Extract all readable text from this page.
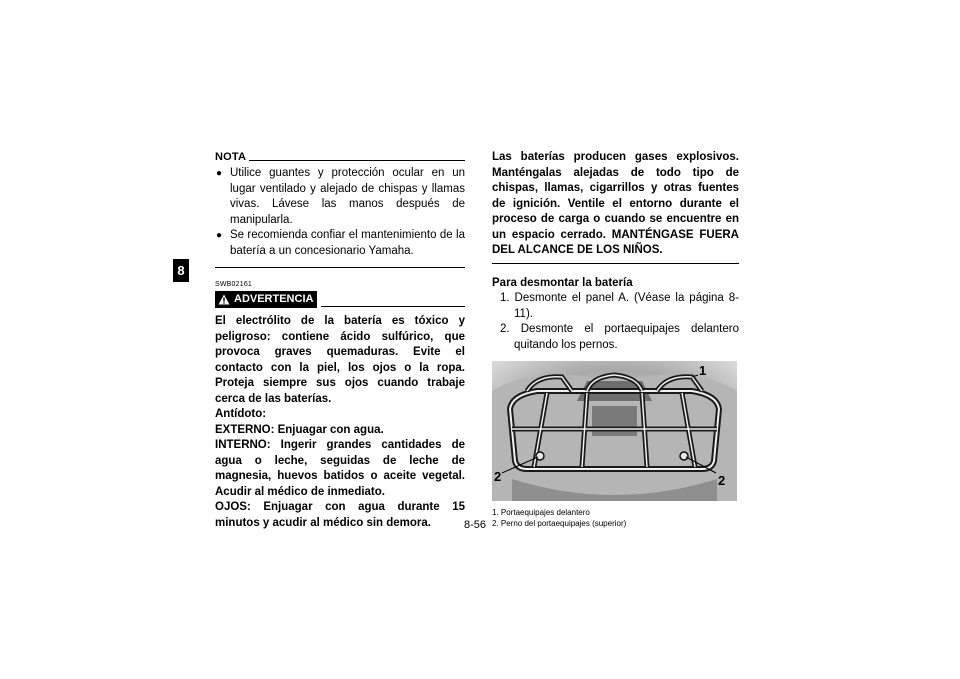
8
NOTA
● Utilice guantes y protección ocular en un lugar ventilado y alejado de chispas y llamas vivas. Lávese las manos después de manipularla.
● Se recomienda confiar el mantenimiento de la batería a un concesionario Yamaha.
SWB02161
ADVERTENCIA

El electrólito de la batería es tóxico y peligroso: contiene ácido sulfúrico, que provoca graves quemaduras. Evite el contacto con la piel, los ojos o la ropa. Proteja siempre sus ojos cuando trabaje cerca de las baterías.

Antídoto:

EXTERNO: Enjuagar con agua.

INTERNO: Ingerir grandes cantidades de agua o leche, seguidas de leche de magnesia, huevos batidos o aceite vegetal. Acudir al médico de inmediato.

OJOS: Enjuagar con agua durante 15 minutos y acudir al médico sin demora.

Las baterías producen gases explosivos. Manténgalas alejadas de todo tipo de chispas, llamas, cigarrillos y otras fuentes de ignición. Ventile el entorno durante el proceso de carga o cuando se encuentre en un espacio cerrado. MANTÉNGASE FUERA DEL ALCANCE DE LOS NIÑOS.

Para desmontar la batería
1. Desmonte el panel A. (Véase la página 8-11).
2. Desmonte el portaequipajes delantero quitando los pernos.
1
2	2
1. Portaequipajes delantero
2. Perno del portaequipajes (superior)
8-56
